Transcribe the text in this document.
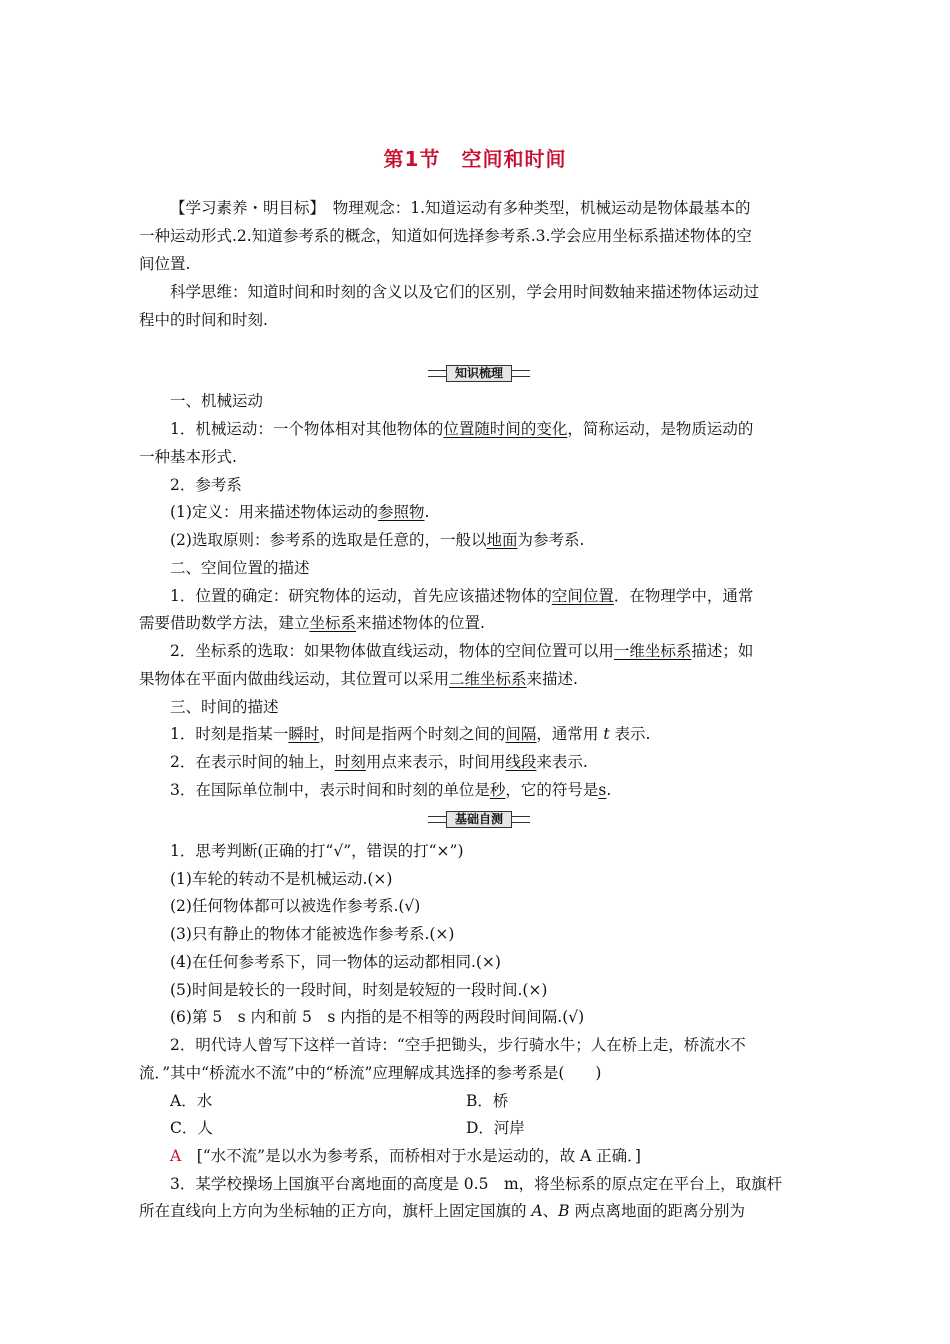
第1节　空间和时间
【学习素养・明目标】　物理观念：1.知道运动有多种类型，机械运动是物体最基本的
一种运动形式.2.知道参考系的概念，知道如何选择参考系.3.学会应用坐标系描述物体的空
间位置.
科学思维：知道时间和时刻的含义以及它们的区别，学会用时间数轴来描述物体运动过
程中的时间和时刻.
知识梳理
一、机械运动
1．机械运动：一个物体相对其他物体的位置随时间的变化，简称运动，是物质运动的
一种基本形式.
2．参考系
(1)定义：用来描述物体运动的参照物.
(2)选取原则：参考系的选取是任意的，一般以地面为参考系.
二、空间位置的描述
1．位置的确定：研究物体的运动，首先应该描述物体的空间位置．在物理学中，通常
需要借助数学方法，建立坐标系来描述物体的位置.
2．坐标系的选取：如果物体做直线运动，物体的空间位置可以用一维坐标系描述；如
果物体在平面内做曲线运动，其位置可以采用二维坐标系来描述.
三、时间的描述
1．时刻是指某一瞬时，时间是指两个时刻之间的间隔，通常用 t 表示.
2．在表示时间的轴上，时刻用点来表示，时间用线段来表示.
3．在国际单位制中，表示时间和时刻的单位是秒，它的符号是s.
基础自测
1．思考判断(正确的打“√”，错误的打“×”)
(1)车轮的转动不是机械运动.(×)
(2)任何物体都可以被选作参考系.(√)
(3)只有静止的物体才能被选作参考系.(×)
(4)在任何参考系下，同一物体的运动都相同.(×)
(5)时间是较长的一段时间，时刻是较短的一段时间.(×)
(6)第 5　s 内和前 5　s 内指的是不相等的两段时间间隔.(√)
2．明代诗人曾写下这样一首诗：“空手把锄头，步行骑水牛；人在桥上走，桥流水不
流．”其中“桥流水不流”中的“桥流”应理解成其选择的参考系是(　　)
A．水	B．桥
C．人	D．河岸
A　[“水不流”是以水为参考系，而桥相对于水是运动的，故 A 正确．]
3．某学校操场上国旗平台离地面的高度是 0.5　m，将坐标系的原点定在平台上，取旗杆
所在直线向上方向为坐标轴的正方向，旗杆上固定国旗的 A、B 两点离地面的距离分别为
